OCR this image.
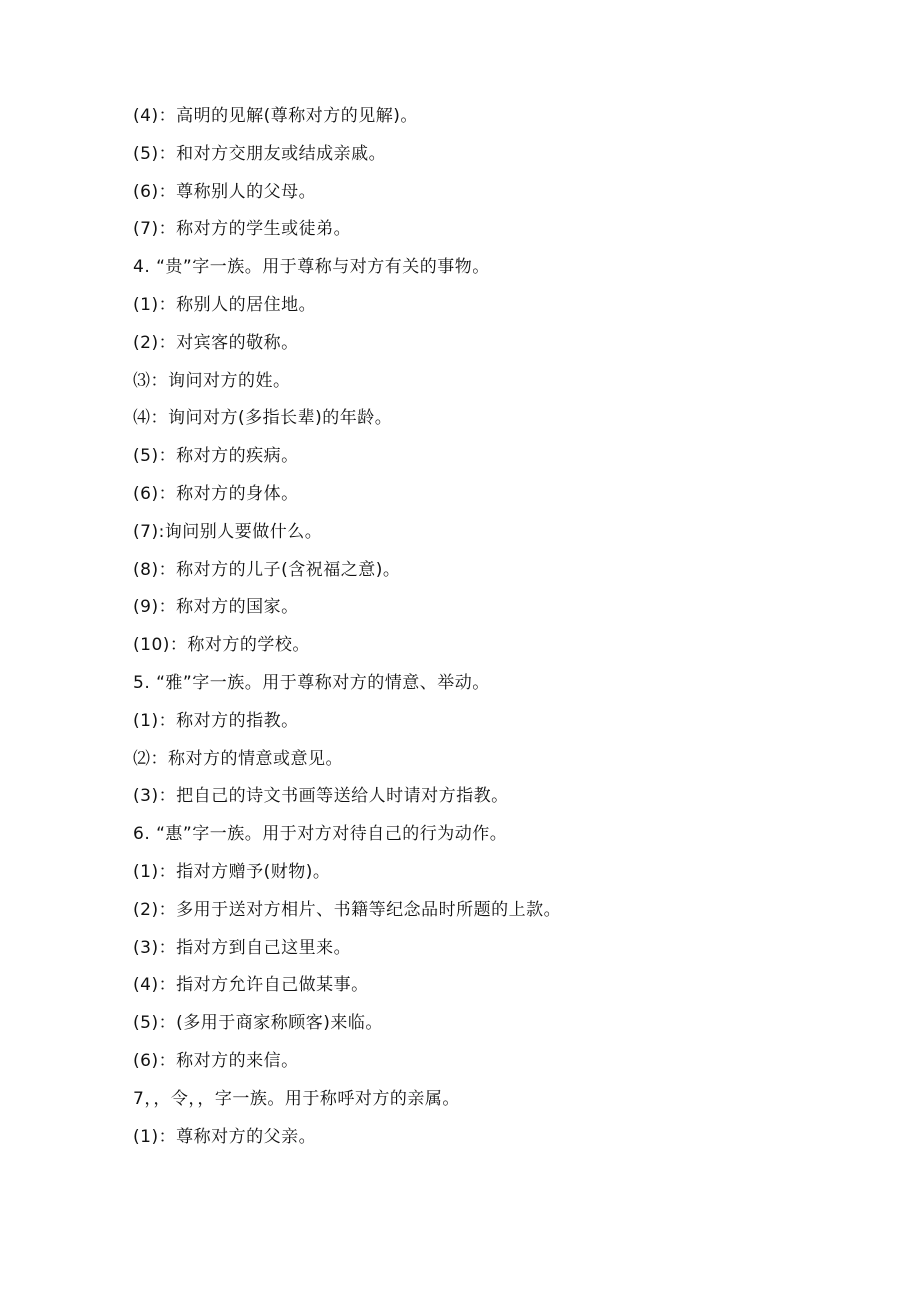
(4)：高明的见解(尊称对方的见解)。
(5)：和对方交朋友或结成亲戚。
(6)：尊称别人的父母。
(7)：称对方的学生或徒弟。
4. “贵”字一族。用于尊称与对方有关的事物。
(1)：称别人的居住地。
(2)：对宾客的敬称。
⑶：询问对方的姓。
⑷：询问对方(多指长辈)的年龄。
(5)：称对方的疾病。
(6)：称对方的身体。
(7):询问别人要做什么。
(8)：称对方的儿子(含祝福之意)。
(9)：称对方的国家。
(10)：称对方的学校。
5. “雅”字一族。用于尊称对方的情意、举动。
(1)：称对方的指教。
⑵：称对方的情意或意见。
(3)：把自己的诗文书画等送给人时请对方指教。
6. “惠”字一族。用于对方对待自己的行为动作。
(1)：指对方赠予(财物)。
(2)：多用于送对方相片、书籍等纪念品时所题的上款。
(3)：指对方到自己这里来。
(4)：指对方允许自己做某事。
(5)：(多用于商家称顾客)来临。
(6)：称对方的来信。
7，，令，，字一族。用于称呼对方的亲属。
(1)：尊称对方的父亲。
